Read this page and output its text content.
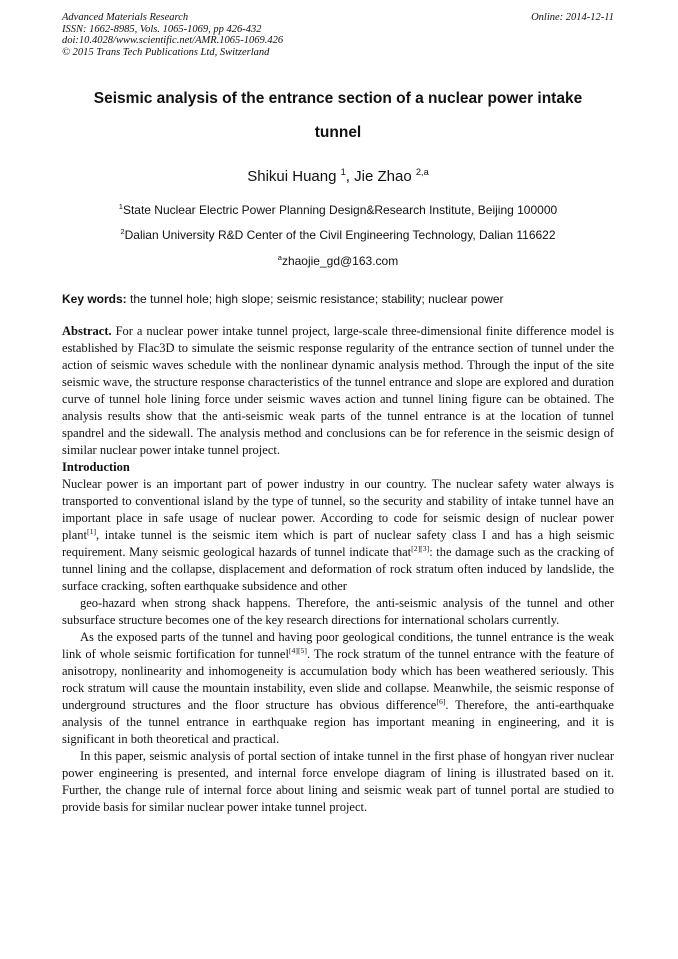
Advanced Materials Research
ISSN: 1662-8985, Vols. 1065-1069, pp 426-432
doi:10.4028/www.scientific.net/AMR.1065-1069.426
© 2015 Trans Tech Publications Ltd, Switzerland
Online: 2014-12-11
Seismic analysis of the entrance section of a nuclear power intake
tunnel
Shikui Huang $^1$, Jie Zhao $^{2,a}$
$^1$State Nuclear Electric Power Planning Design&Research Institute, Beijing 100000
$^2$Dalian University R&D Center of the Civil Engineering Technology, Dalian 116622
$^a$zhaojie_gd@163.com
Key words: the tunnel hole; high slope; seismic resistance; stability; nuclear power

Abstract. For a nuclear power intake tunnel project, large-scale three-dimensional finite difference model is established by Flac3D to simulate the seismic response regularity of the entrance section of tunnel under the action of seismic waves schedule with the nonlinear dynamic analysis method. Through the input of the site seismic wave, the structure response characteristics of the tunnel entrance and slope are explored and duration curve of tunnel hole lining force under seismic waves action and tunnel lining figure can be obtained. The analysis results show that the anti-seismic weak parts of the tunnel entrance is at the location of tunnel spandrel and the sidewall. The analysis method and conclusions can be for reference in the seismic design of similar nuclear power intake tunnel project.

Introduction

Nuclear power is an important part of power industry in our country. The nuclear safety water always is transported to conventional island by the type of tunnel, so the security and stability of intake tunnel have an important place in safe usage of nuclear power. According to code for seismic design of nuclear power plant[1], intake tunnel is the seismic item which is part of nuclear safety class I and has a high seismic requirement. Many seismic geological hazards of tunnel indicate that[2][3]: the damage such as the cracking of tunnel lining and the collapse, displacement and deformation of rock stratum often induced by landslide, the surface cracking, soften earthquake subsidence and other

geo-hazard when strong shack happens. Therefore, the anti-seismic analysis of the tunnel and other subsurface structure becomes one of the key research directions for international scholars currently.

As the exposed parts of the tunnel and having poor geological conditions, the tunnel entrance is the weak link of whole seismic fortification for tunnel[4][5]. The rock stratum of the tunnel entrance with the feature of anisotropy, nonlinearity and inhomogeneity is accumulation body which has been weathered seriously. This rock stratum will cause the mountain instability, even slide and collapse. Meanwhile, the seismic response of underground structures and the floor structure has obvious difference[6]. Therefore, the anti-earthquake analysis of the tunnel entrance in earthquake region has important meaning in engineering, and it is significant in both theoretical and practical.

In this paper, seismic analysis of portal section of intake tunnel in the first phase of hongyan river nuclear power engineering is presented, and internal force envelope diagram of lining is illustrated based on it. Further, the change rule of internal force about lining and seismic weak part of tunnel portal are studied to provide basis for similar nuclear power intake tunnel project.
